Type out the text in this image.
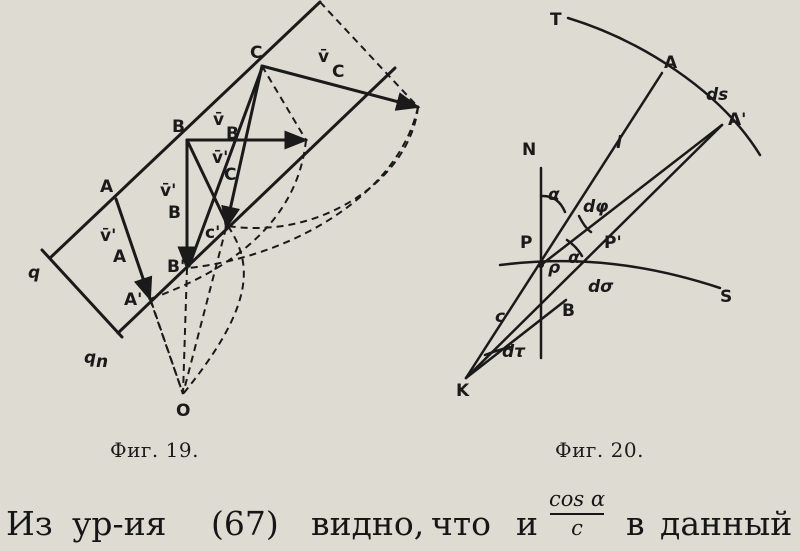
C	v̄
C
B v̄
B
v̄'
C
v̄'
B
A
v̄'
A
c'
B'
A'
q
q n
O
T
A
ds
A'
l
N
α
dφ
P
α
ρ
P'
dσ	S
B
c
dτ
K
Фиг. 19.	Фиг. 20.
Из ур-ия (67) видно, что и
cos α
c	в данный
